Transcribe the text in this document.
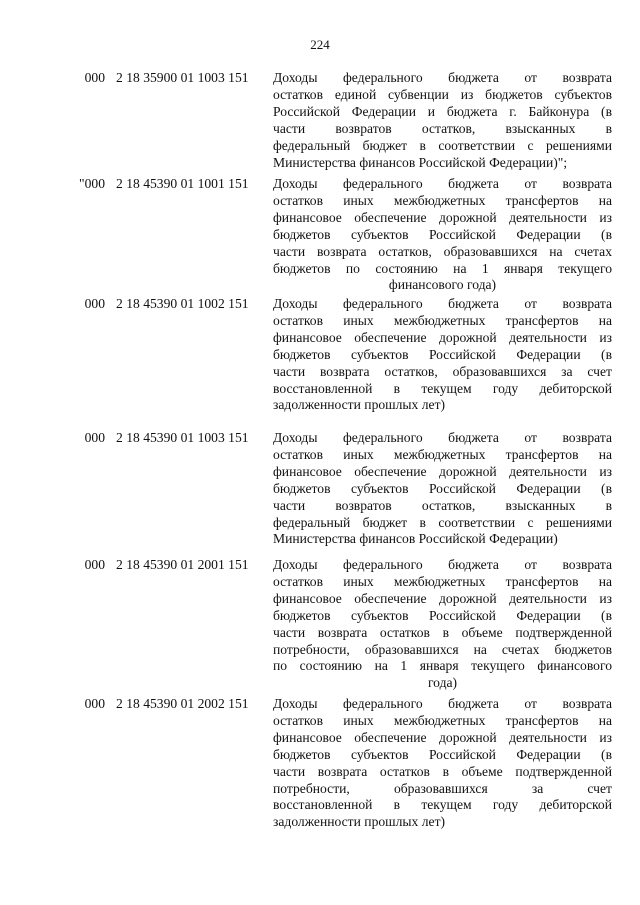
224
000 2 18 35900 01 1003 151	Доходы федерального бюджета от возврата
остатков единой субвенции из бюджетов субъектов
Российской Федерации и бюджета г. Байконура (в
части возвратов остатков, взысканных в
федеральный бюджет в соответствии с решениями
Министерства финансов Российской Федерации)";
"000 2 18 45390 01 1001 151	Доходы федерального бюджета от возврата
остатков иных межбюджетных трансфертов на
финансовое обеспечение дорожной деятельности из
бюджетов субъектов Российской Федерации (в
части возврата остатков, образовавшихся на счетах
бюджетов по состоянию на 1 января текущего
финансового года)
000 2 18 45390 01 1002 151	Доходы федерального бюджета от возврата
остатков иных межбюджетных трансфертов на
финансовое обеспечение дорожной деятельности из
бюджетов субъектов Российской Федерации (в
части возврата остатков, образовавшихся за счет
восстановленной в текущем году дебиторской
задолженности прошлых лет)
000 2 18 45390 01 1003 151	Доходы федерального бюджета от возврата
остатков иных межбюджетных трансфертов на
финансовое обеспечение дорожной деятельности из
бюджетов субъектов Российской Федерации (в
части возвратов остатков, взысканных в
федеральный бюджет в соответствии с решениями
Министерства финансов Российской Федерации)
000 2 18 45390 01 2001 151	Доходы федерального бюджета от возврата
остатков иных межбюджетных трансфертов на
финансовое обеспечение дорожной деятельности из
бюджетов субъектов Российской Федерации (в
части возврата остатков в объеме подтвержденной
потребности, образовавшихся на счетах бюджетов
по состоянию на 1 января текущего финансового
года)
000 2 18 45390 01 2002 151	Доходы федерального бюджета от возврата
остатков иных межбюджетных трансфертов на
финансовое обеспечение дорожной деятельности из
бюджетов субъектов Российской Федерации (в
части возврата остатков в объеме подтвержденной
потребности, образовавшихся за счет
восстановленной в текущем году дебиторской
задолженности прошлых лет)
